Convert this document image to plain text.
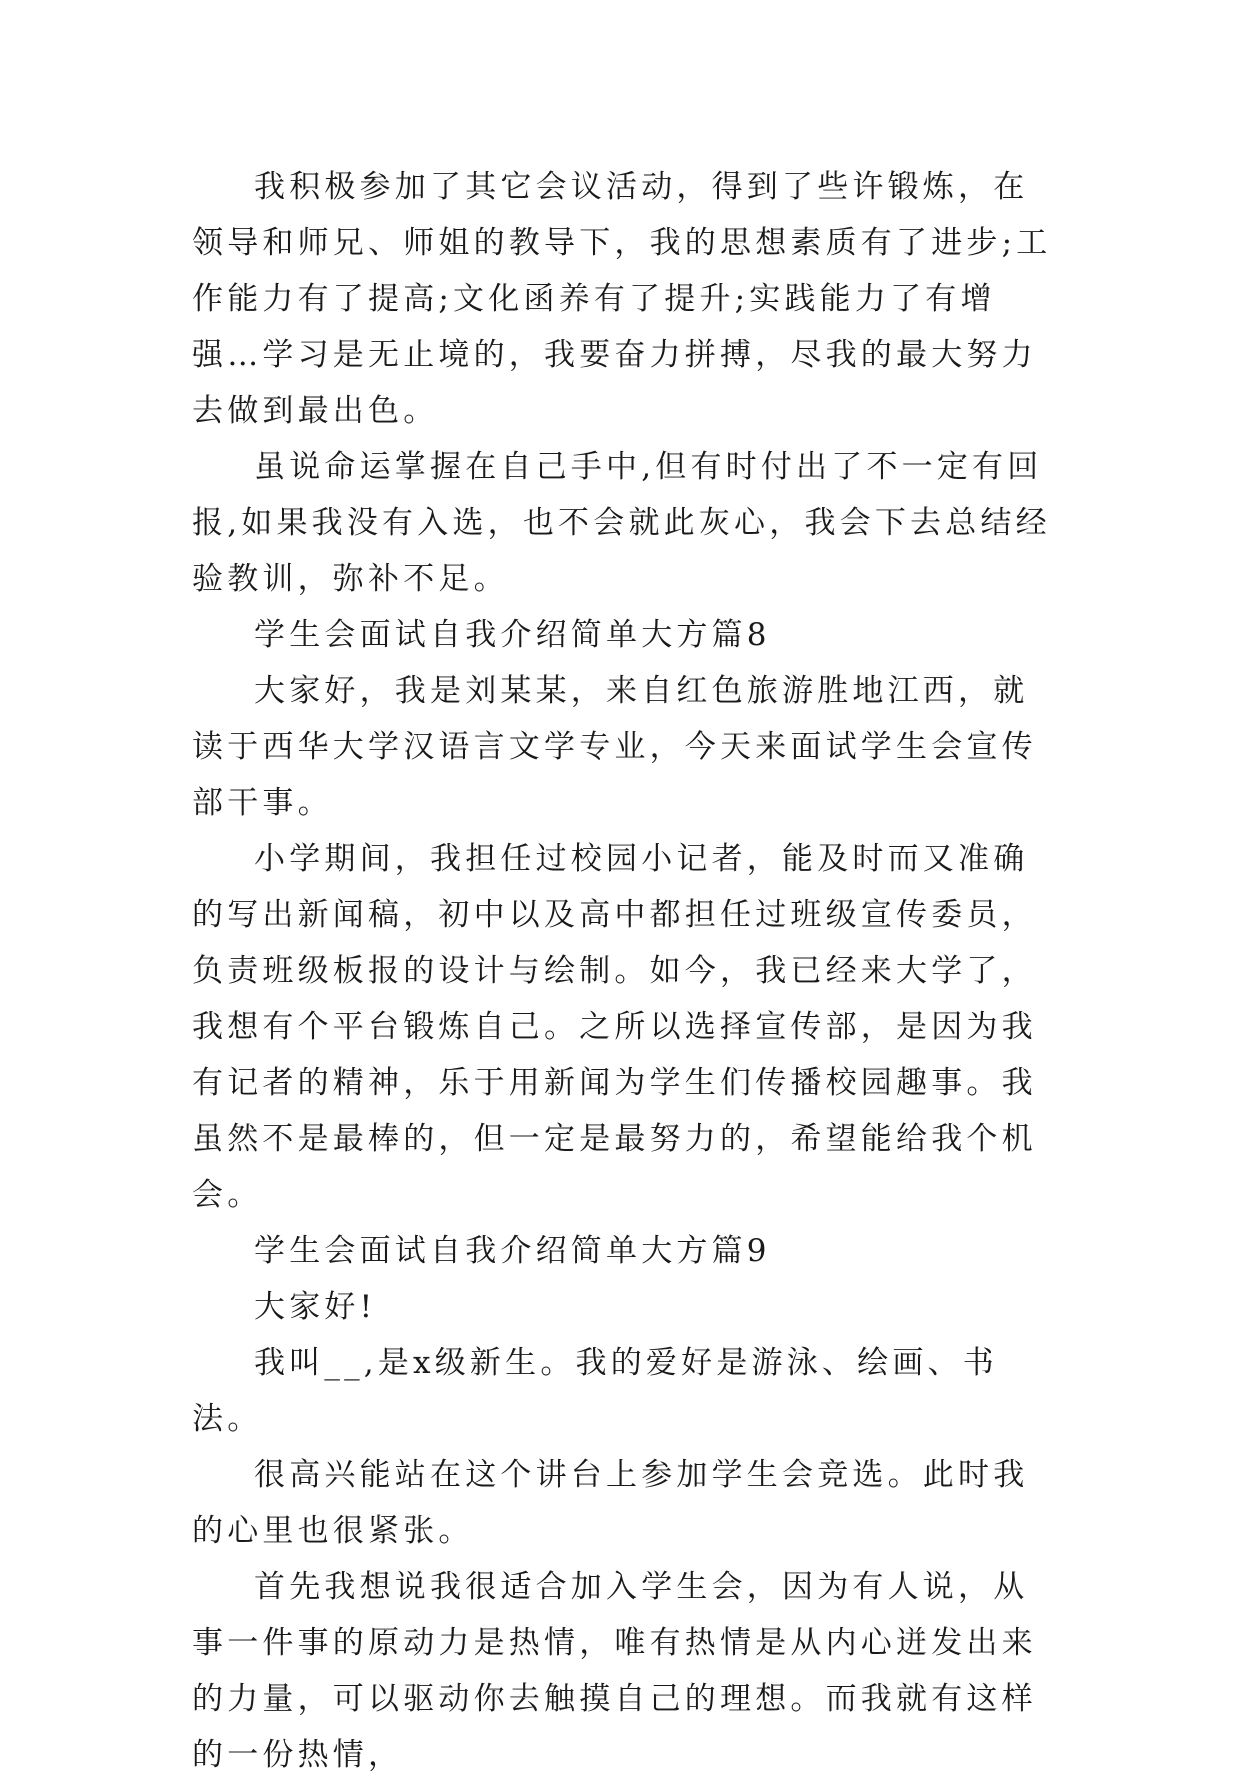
我积极参加了其它会议活动，得到了些许锻炼，在领导和师兄、师姐的教导下，我的思想素质有了进步;工作能力有了提高;文化函养有了提升;实践能力了有增强…学习是无止境的，我要奋力拼搏，尽我的最大努力去做到最出色。

虽说命运掌握在自己手中,但有时付出了不一定有回报,如果我没有入选，也不会就此灰心，我会下去总结经验教训，弥补不足。

学生会面试自我介绍简单大方篇8

大家好，我是刘某某，来自红色旅游胜地江西，就读于西华大学汉语言文学专业，今天来面试学生会宣传部干事。

小学期间，我担任过校园小记者，能及时而又准确的写出新闻稿，初中以及高中都担任过班级宣传委员，负责班级板报的设计与绘制。如今，我已经来大学了，我想有个平台锻炼自己。之所以选择宣传部，是因为我有记者的精神，乐于用新闻为学生们传播校园趣事。我虽然不是最棒的，但一定是最努力的，希望能给我个机会。

学生会面试自我介绍简单大方篇9

大家好!

我叫__,是x级新生。我的爱好是游泳、绘画、书法。

很高兴能站在这个讲台上参加学生会竞选。此时我的心里也很紧张。

首先我想说我很适合加入学生会，因为有人说，从事一件事的原动力是热情，唯有热情是从内心迸发出来的力量，可以驱动你去触摸自己的理想。而我就有这样的一份热情，
